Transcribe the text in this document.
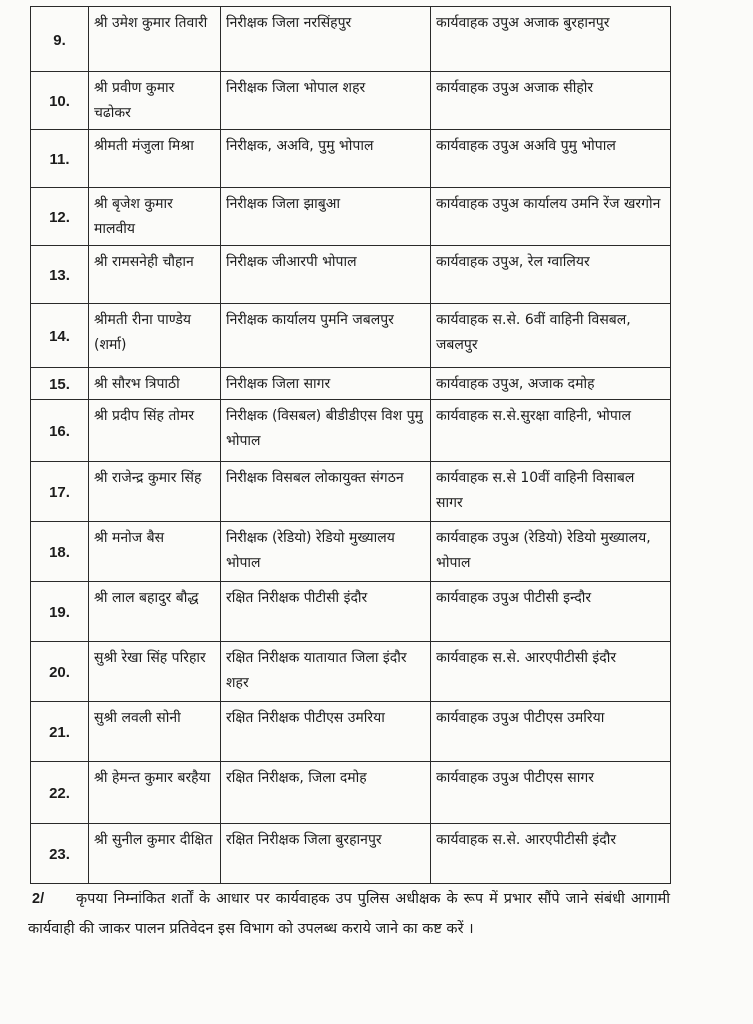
9.	श्री उमेश कुमार तिवारी	निरीक्षक जिला नरसिंहपुर	कार्यवाहक उपुअ अजाक बुरहानपुर
10.	श्री प्रवीण कुमार चढोकर	निरीक्षक जिला भोपाल शहर	कार्यवाहक उपुअ अजाक सीहोर
11.	श्रीमती मंजुला मिश्रा	निरीक्षक, अअवि, पुमु भोपाल	कार्यवाहक उपुअ अअवि पुमु भोपाल
12.	श्री बृजेश कुमार मालवीय	निरीक्षक जिला झाबुआ	कार्यवाहक उपुअ कार्यालय उमनि रेंज खरगोन
13.	श्री रामसनेही चौहान	निरीक्षक जीआरपी भोपाल	कार्यवाहक उपुअ, रेल ग्वालियर
14.	श्रीमती रीना पाण्डेय (शर्मा)	निरीक्षक कार्यालय पुमनि जबलपुर	कार्यवाहक स.से. 6वीं वाहिनी विसबल, जबलपुर
15.	श्री सौरभ त्रिपाठी	निरीक्षक जिला सागर	कार्यवाहक उपुअ, अजाक दमोह
16.	श्री प्रदीप सिंह तोमर	निरीक्षक (विसबल) बीडीडीएस विश पुमु भोपाल	कार्यवाहक स.से.सुरक्षा वाहिनी, भोपाल
17.	श्री राजेन्द्र कुमार सिंह	निरीक्षक विसबल लोकायुक्त संगठन	कार्यवाहक स.से 10वीं वाहिनी विसाबल सागर
18.	श्री मनोज बैस	निरीक्षक (रेडियो) रेडियो मुख्यालय भोपाल	कार्यवाहक उपुअ (रेडियो) रेडियो मुख्यालय, भोपाल
19.	श्री लाल बहादुर बौद्ध	रक्षित निरीक्षक पीटीसी इंदौर	कार्यवाहक उपुअ पीटीसी इन्दौर
20.	सुश्री रेखा सिंह परिहार	रक्षित निरीक्षक यातायात जिला इंदौर शहर	कार्यवाहक स.से. आरएपीटीसी इंदौर
21.	सुश्री लवली सोनी	रक्षित निरीक्षक पीटीएस उमरिया	कार्यवाहक उपुअ पीटीएस उमरिया
22.	श्री हेमन्त कुमार बरहैया	रक्षित निरीक्षक, जिला दमोह	कार्यवाहक उपुअ पीटीएस सागर
23.	श्री सुनील कुमार दीक्षित	रक्षित निरीक्षक जिला बुरहानपुर	कार्यवाहक स.से. आरएपीटीसी इंदौर
2/ कृपया निम्नांकित शर्तों के आधार पर कार्यवाहक उप पुलिस अधीक्षक के रूप में प्रभार सौंपे जाने संबंधी आगामी कार्यवाही की जाकर पालन प्रतिवेदन इस विभाग को उपलब्ध कराये जाने का कष्ट करें ।
